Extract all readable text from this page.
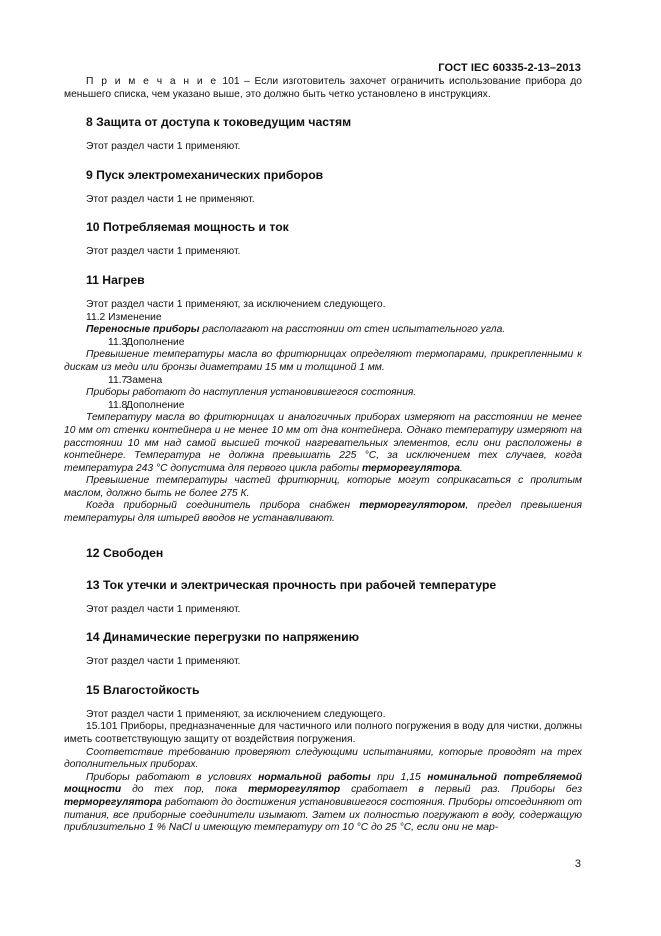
ГОСТ IEC 60335-2-13–2013

П р и м е ч а н и е 101 – Если изготовитель захочет ограничить использование прибора до меньшего списка, чем указано выше, это должно быть четко установлено в инструкциях.

8 Защита от доступа к токоведущим частям

Этот раздел части 1 применяют.

9 Пуск электромеханических приборов

Этот раздел части 1 не применяют.

10 Потребляемая мощность и ток

Этот раздел части 1 применяют.

11 Нагрев

Этот раздел части 1 применяют, за исключением следующего.

11.2 Изменение

Переносные приборы располагают на расстоянии от стен испытательного угла.

11.3Дополнение

Превышение температуры масла во фритюрницах определяют термопарами, прикрепленными к дискам из меди или бронзы диаметрами 15 мм и толщиной 1 мм.

11.7Замена

Приборы работают до наступления установившегося состояния.

11.8Дополнение

Температуру масла во фритюрницах и аналогичных приборах измеряют на расстоянии не менее 10 мм от стенки контейнера и не менее 10 мм от дна контейнера. Однако температуру измеряют на расстоянии 10 мм над самой высшей точкой нагревательных элементов, если они расположены в контейнере. Температура не должна превышать 225 °С, за исключением тех случаев, когда температура 243 °С допустима для первого цикла работы терморегулятора.

Превышение температуры частей фритюрниц, которые могут соприкасаться с пролитым маслом, должно быть не более 275 К.

Когда приборный соединитель прибора снабжен терморегулятором, предел превышения температуры для штырей вводов не устанавливают.

12 Свободен
13 Ток утечки и электрическая прочность при рабочей температуре

Этот раздел части 1 применяют.

14 Динамические перегрузки по напряжению

Этот раздел части 1 применяют.

15 Влагостойкость

Этот раздел части 1 применяют, за исключением следующего.

15.101 Приборы, предназначенные для частичного или полного погружения в воду для чистки, должны иметь соответствующую защиту от воздействия погружения.

Соответствие требованию проверяют следующими испытаниями, которые проводят на трех дополнительных приборах.

Приборы работают в условиях нормальной работы при 1,15 номинальной потребляемой мощности до тех пор, пока терморегулятор сработает в первый раз. Приборы без терморегулятора работают до достижения установившегося состояния. Приборы отсоединяют от питания, все приборные соединители изымают. Затем их полностью погружают в воду, содержащую приблизительно 1 % NaCl и имеющую температуру от 10 °С до 25 °С, если они не мар-

3
